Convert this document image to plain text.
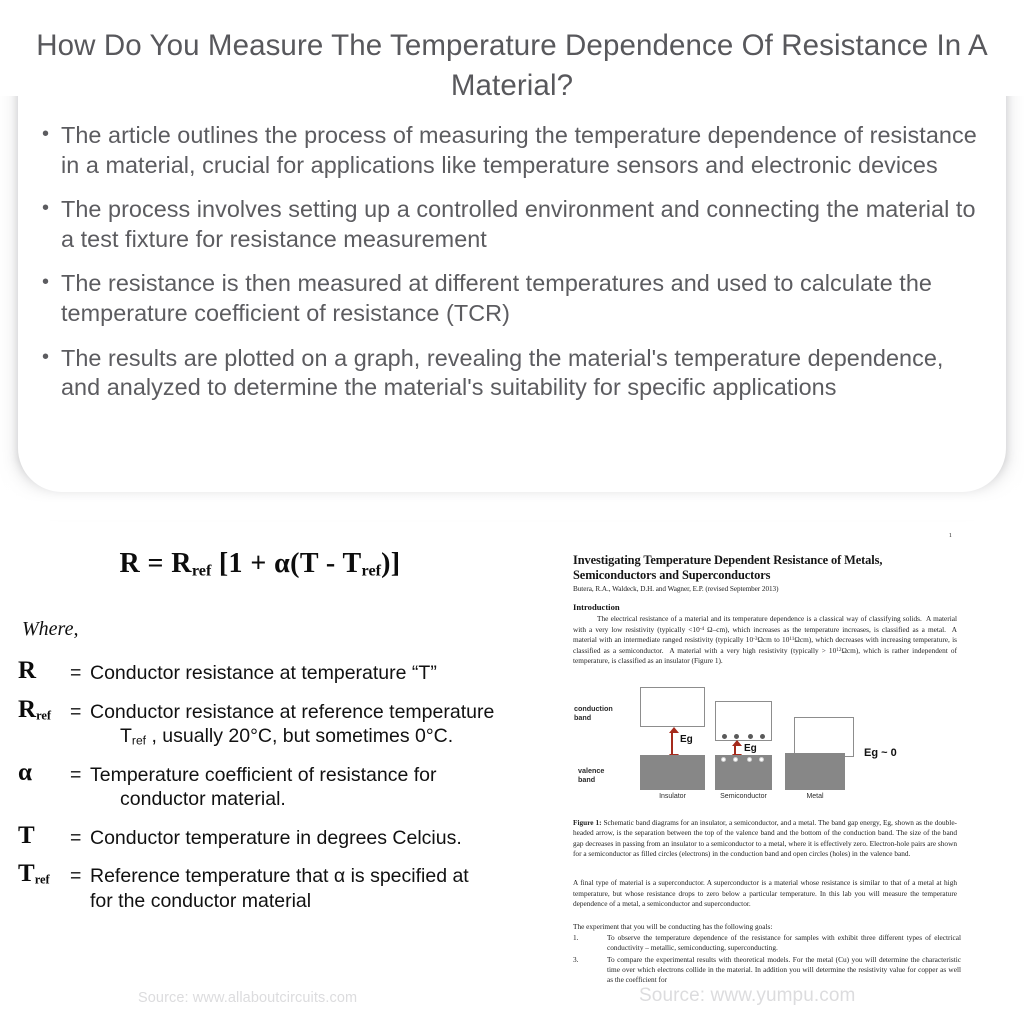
How Do You Measure The Temperature Dependence Of Resistance In A Material?
• The article outlines the process of measuring the temperature dependence of resistance in a material, crucial for applications like temperature sensors and electronic devices
• The process involves setting up a controlled environment and connecting the material to a test fixture for resistance measurement
• The resistance is then measured at different temperatures and used to calculate the temperature coefficient of resistance (TCR)
• The results are plotted on a graph, revealing the material's temperature dependence, and analyzed to determine the material's suitability for specific applications
$R = R_{ref}$ $[1 + \alpha(T - T_{ref})]$
Where,
R	=	Conductor resistance at temperature “T”
$R_{ref}$	=	Conductor resistance at reference temperature
$T_{ref}$ , usually 20°C, but sometimes 0°C.

α	=	Temperature coefficient of resistance for
conductor material.

T	=	Conductor temperature in degrees Celcius.
$T_{ref}$	=	Reference temperature that α is specified at
for the conductor material
1
Investigating Temperature Dependent Resistance of Metals, Semiconductors and Superconductors
Butera, R.A., Waldeck, D.H. and Wagner, E.P. (revised September 2013)
Introduction
The electrical resistance of a material and its temperature dependence is a classical way of classifying solids.  A material with a very low resistivity (typically $<10^{-4}$ Ω–cm), which increases as the temperature increases, is classified as a metal.  A material with an intermediate ranged resistivity (typically $10^{-3}\Omega cm$ to $10^{11}\Omega cm$), which decreases with increasing temperature, is classified as a semiconductor.  A material with a very high resistivity (typically > $10^{12}\Omega cm$), which is rather independent of temperature, is classified as an insulator (Figure 1).
conduction
band
valence
band
Eg
Insulator
Eg
Semiconductor
Eg ~ 0
Metal
Figure 1: Schematic band diagrams for an insulator, a semiconductor, and a metal. The band gap energy, Eg, shown as the double-headed arrow, is the separation between the top of the valence band and the bottom of the conduction band. The size of the band gap decreases in passing from an insulator to a semiconductor to a metal, where it is effectively zero. Electron-hole pairs are shown for a semiconductor as filled circles (electrons) in the conduction band and open circles (holes) in the valence band.
A final type of material is a superconductor. A superconductor is a material whose resistance is similar to that of a metal at high temperature, but whose resistance drops to zero below a particular temperature. In this lab you will measure the temperature dependence of a metal, a semiconductor and superconductor.
The experiment that you will be conducting has the following goals:
1.	To observe the temperature dependence of the resistance for samples with exhibit three different types of electrical conductivity – metallic, semiconducting, superconducting.
3.	To compare the experimental results with theoretical models. For the metal (Cu) you will determine the characteristic time over which electrons collide in the material. In addition you will determine the resistivity value for copper as well as the coefficient for
Source: www.allaboutcircuits.com	Source: www.yumpu.com
